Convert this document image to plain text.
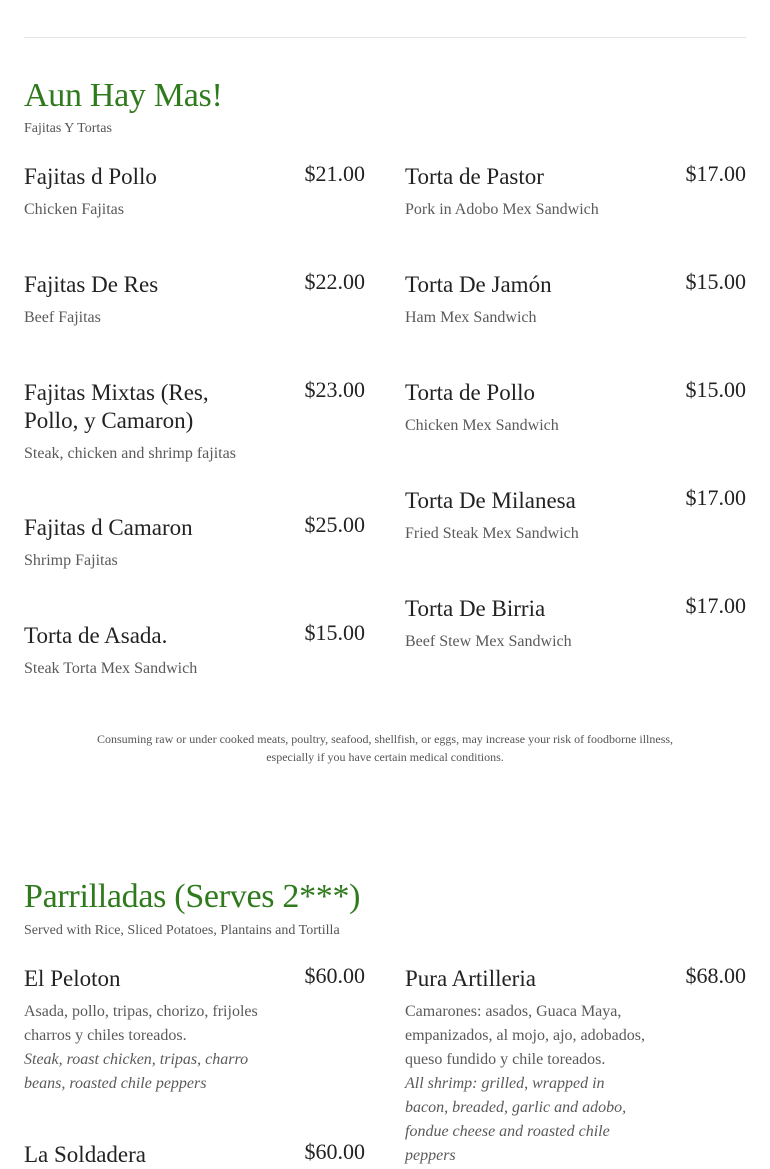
Aun Hay Mas!
Fajitas Y Tortas
Fajitas d Pollo	$21.00
Chicken Fajitas
Fajitas De Res	$22.00
Beef Fajitas
Fajitas Mixtas (Res, Pollo, y Camaron)
$23.00
Steak, chicken and shrimp fajitas
Fajitas d Camaron	$25.00
Shrimp Fajitas
Torta de Asada.	$15.00
Steak Torta Mex Sandwich
Torta de Pastor	$17.00
Pork in Adobo Mex Sandwich
Torta De Jamón	$15.00
Ham Mex Sandwich
Torta de Pollo	$15.00
Chicken Mex Sandwich
Torta De Milanesa	$17.00
Fried Steak Mex Sandwich
Torta De Birria	$17.00
Beef Stew Mex Sandwich
Consuming raw or under cooked meats, poultry, seafood, shellfish, or eggs, may increase your risk of foodborne illness, especially if you have certain medical conditions.
Parrilladas (Serves 2***)
Served with Rice, Sliced Potatoes, Plantains and Tortilla
El Peloton	$60.00
Asada, pollo, tripas, chorizo, frijoles charros y chiles toreados.
Steak, roast chicken, tripas, charro beans, roasted chile peppers
La Soldadera	$60.00
Pura Artilleria	$68.00
Camarones: asados, Guaca Maya, empanizados, al mojo, ajo, adobados, queso fundido y chile toreados.
All shrimp: grilled, wrapped in bacon, breaded, garlic and adobo, fondue cheese and roasted chile peppers
